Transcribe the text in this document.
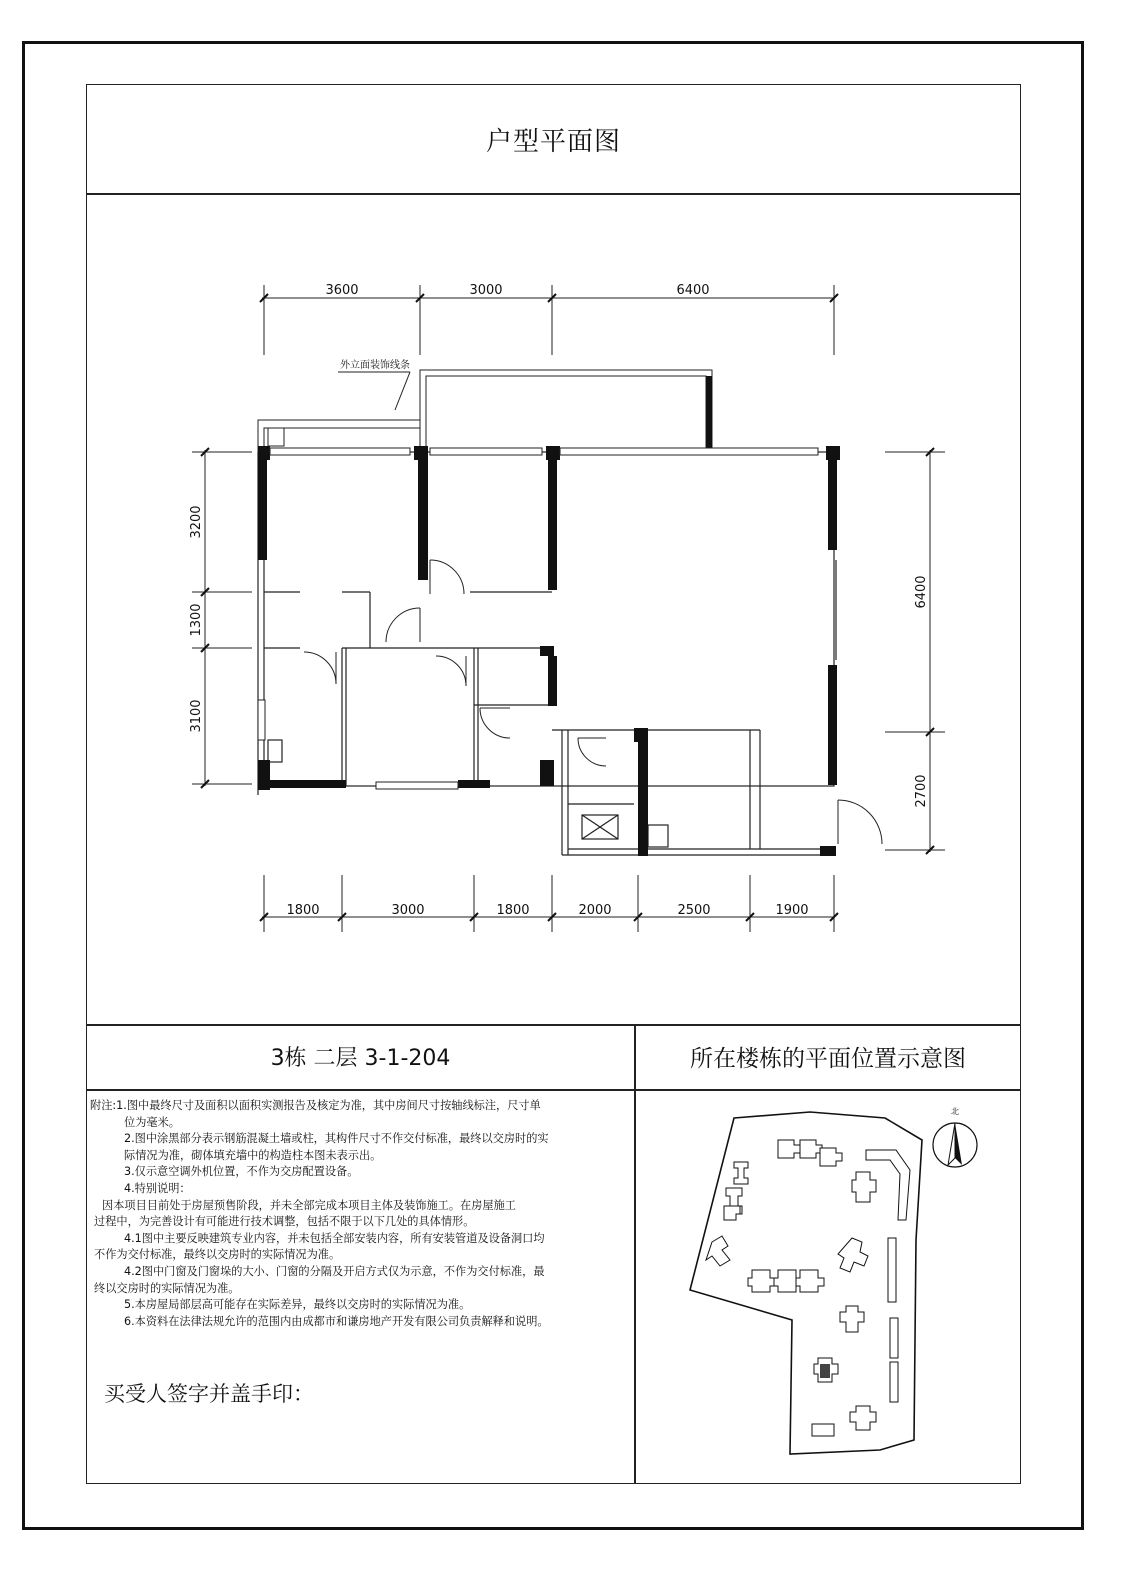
户型平面图
3600	3000	6400
1800	3000	1800	2000	2500	1900
3200
1300
3100
6400
2700
外立面装饰线条
3栋 二层 3-1-204	所在楼栋的平面位置示意图
附注:1.图中最终尺寸及面积以面积实测报告及核定为准，其中房间尺寸按轴线标注，尺寸单
位为毫米。
2.图中涂黑部分表示钢筋混凝土墙或柱，其构件尺寸不作交付标准，最终以交房时的实
际情况为准，砌体填充墙中的构造柱本图未表示出。
3.仅示意空调外机位置，不作为交房配置设备。
4.特别说明：
因本项目目前处于房屋预售阶段，并未全部完成本项目主体及装饰施工。在房屋施工
过程中，为完善设计有可能进行技术调整，包括不限于以下几处的具体情形。
4.1图中主要反映建筑专业内容，并未包括全部安装内容，所有安装管道及设备洞口均
不作为交付标准，最终以交房时的实际情况为准。
4.2图中门窗及门窗垛的大小、门窗的分隔及开启方式仅为示意，不作为交付标准，最
终以交房时的实际情况为准。
5.本房屋局部层高可能存在实际差异，最终以交房时的实际情况为准。
6.本资料在法律法规允许的范围内由成都市和谦房地产开发有限公司负责解释和说明。
买受人签字并盖手印：
北
